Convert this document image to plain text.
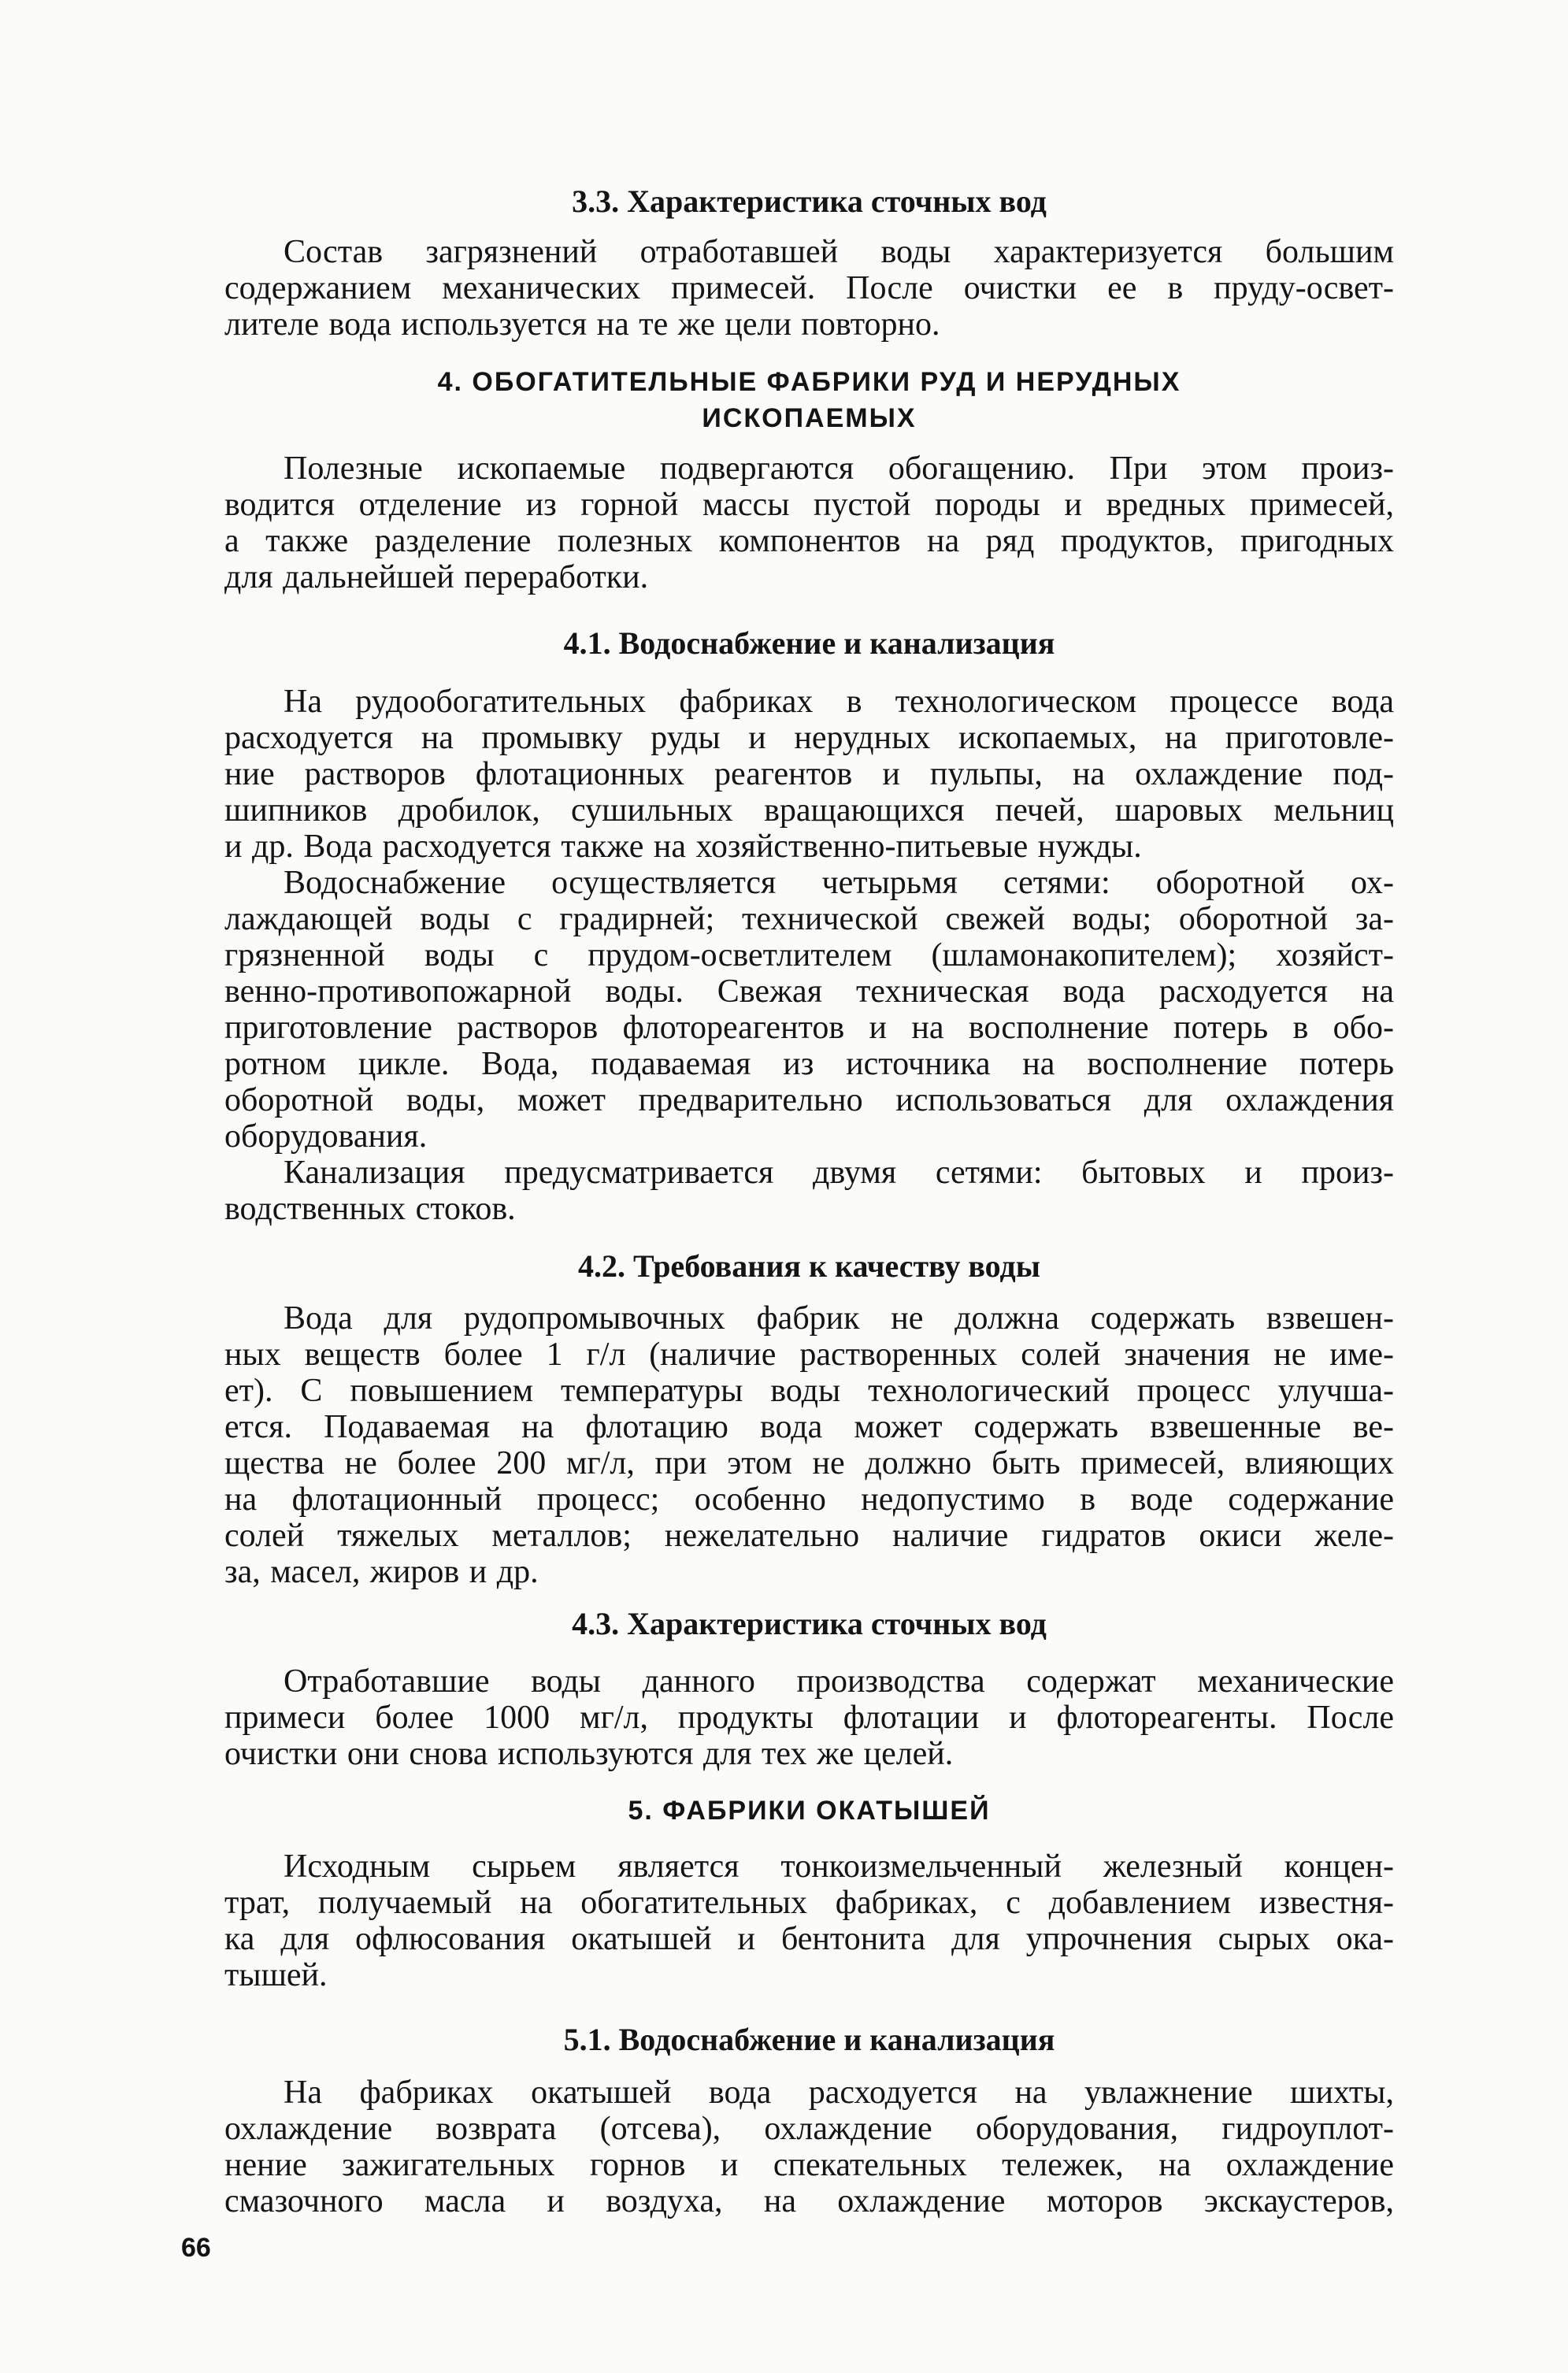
3.3. Характеристика сточных вод
Состав загрязнений отработавшей воды характеризуется большим
содержанием механических примесей. После очистки ее в пруду-освет-
лителе вода используется на те же цели повторно.
4. ОБОГАТИТЕЛЬНЫЕ ФАБРИКИ РУД И НЕРУДНЫХ
ИСКОПАЕМЫХ
Полезные ископаемые подвергаются обогащению. При этом произ-
водится отделение из горной массы пустой породы и вредных примесей,
а также разделение полезных компонентов на ряд продуктов, пригодных
для дальнейшей переработки.
4.1. Водоснабжение и канализация
На рудообогатительных фабриках в технологическом процессе вода
расходуется на промывку руды и нерудных ископаемых, на приготовле-
ние растворов флотационных реагентов и пульпы, на охлаждение под-
шипников дробилок, сушильных вращающихся печей, шаровых мельниц
и др. Вода расходуется также на хозяйственно-питьевые нужды.
Водоснабжение осуществляется четырьмя сетями: оборотной ох-
лаждающей воды с градирней; технической свежей воды; оборотной за-
грязненной воды с прудом-осветлителем (шламонакопителем); хозяйст-
венно-противопожарной воды. Свежая техническая вода расходуется на
приготовление растворов флотореагентов и на восполнение потерь в обо-
ротном цикле. Вода, подаваемая из источника на восполнение потерь
оборотной воды, может предварительно использоваться для охлаждения
оборудования.
Канализация предусматривается двумя сетями: бытовых и произ-
водственных стоков.
4.2. Требования к качеству воды
Вода для рудопромывочных фабрик не должна содержать взвешен-
ных веществ более 1 г/л (наличие растворенных солей значения не име-
ет). С повышением температуры воды технологический процесс улучша-
ется. Подаваемая на флотацию вода может содержать взвешенные ве-
щества не более 200 мг/л, при этом не должно быть примесей, влияющих
на флотационный процесс; особенно недопустимо в воде содержание
солей тяжелых металлов; нежелательно наличие гидратов окиси желе-
за, масел, жиров и др.
4.3. Характеристика сточных вод
Отработавшие воды данного производства содержат механические
примеси более 1000 мг/л, продукты флотации и флотореагенты. После
очистки они снова используются для тех же целей.
5. ФАБРИКИ ОКАТЫШЕЙ
Исходным сырьем является тонкоизмельченный железный концен-
трат, получаемый на обогатительных фабриках, с добавлением известня-
ка для офлюсования окатышей и бентонита для упрочнения сырых ока-
тышей.
5.1. Водоснабжение и канализация
На фабриках окатышей вода расходуется на увлажнение шихты,
охлаждение возврата (отсева), охлаждение оборудования, гидроуплот-
нение зажигательных горнов и спекательных тележек, на охлаждение
смазочного масла и воздуха, на охлаждение моторов экскаустеров,
66
